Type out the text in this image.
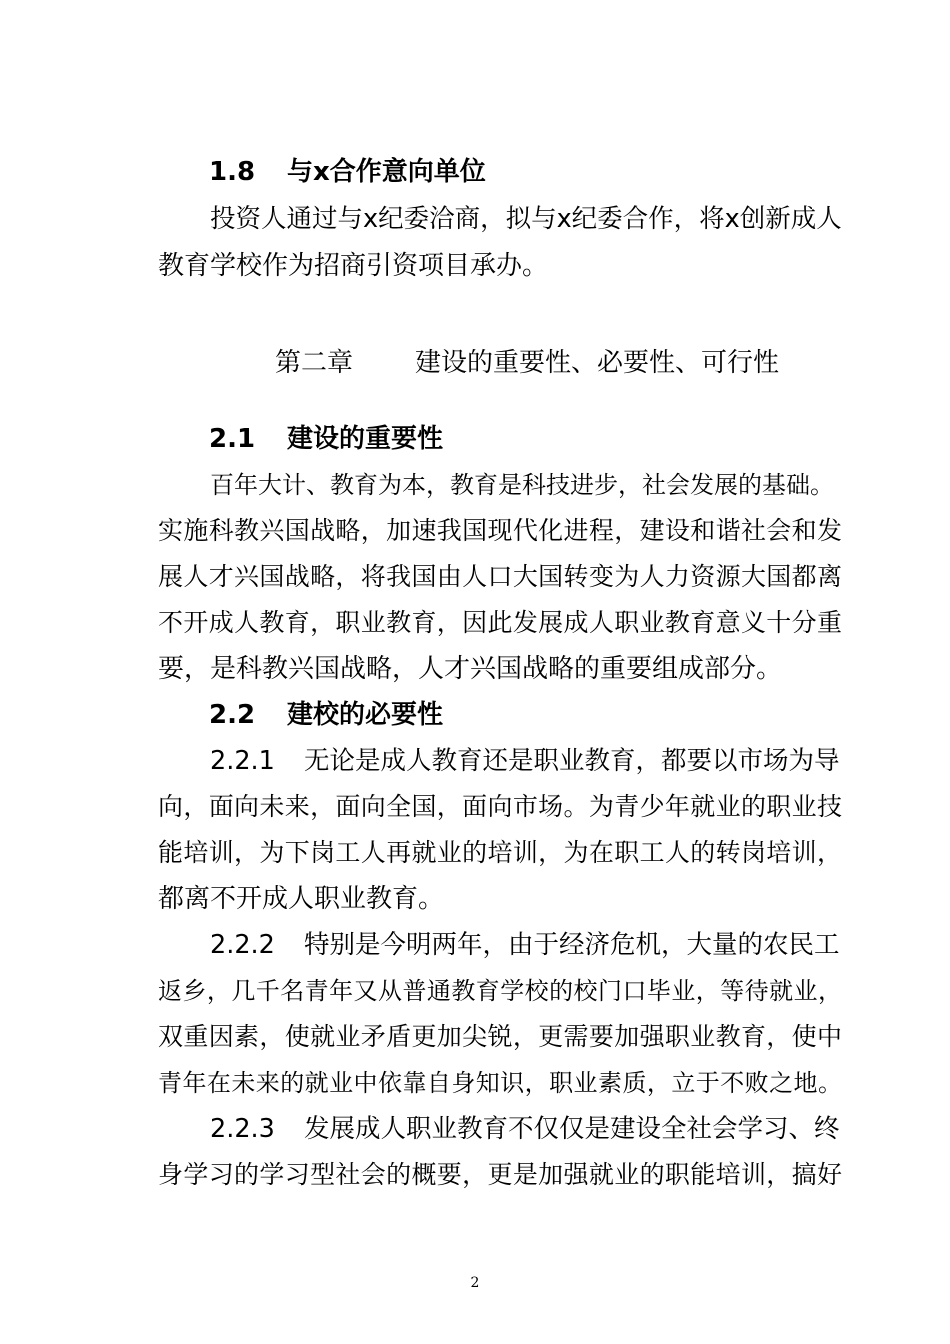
1.8 与x合作意向单位
投资人通过与x纪委洽商，拟与x纪委合作，将x创新成人
教育学校作为招商引资项目承办。
第二章 建设的重要性、必要性、可行性
2.1 建设的重要性
百年大计、教育为本，教育是科技进步，社会发展的基础。
实施科教兴国战略，加速我国现代化进程，建设和谐社会和发
展人才兴国战略，将我国由人口大国转变为人力资源大国都离
不开成人教育，职业教育，因此发展成人职业教育意义十分重
要，是科教兴国战略，人才兴国战略的重要组成部分。
2.2 建校的必要性
2.2.1 无论是成人教育还是职业教育，都要以市场为导
向，面向未来，面向全国，面向市场。为青少年就业的职业技
能培训，为下岗工人再就业的培训，为在职工人的转岗培训，
都离不开成人职业教育。
2.2.2 特别是今明两年，由于经济危机，大量的农民工
返乡，几千名青年又从普通教育学校的校门口毕业，等待就业，
双重因素，使就业矛盾更加尖锐，更需要加强职业教育，使中
青年在未来的就业中依靠自身知识，职业素质，立于不败之地。
2.2.3 发展成人职业教育不仅仅是建设全社会学习、终
身学习的学习型社会的概要，更是加强就业的职能培训，搞好
2
